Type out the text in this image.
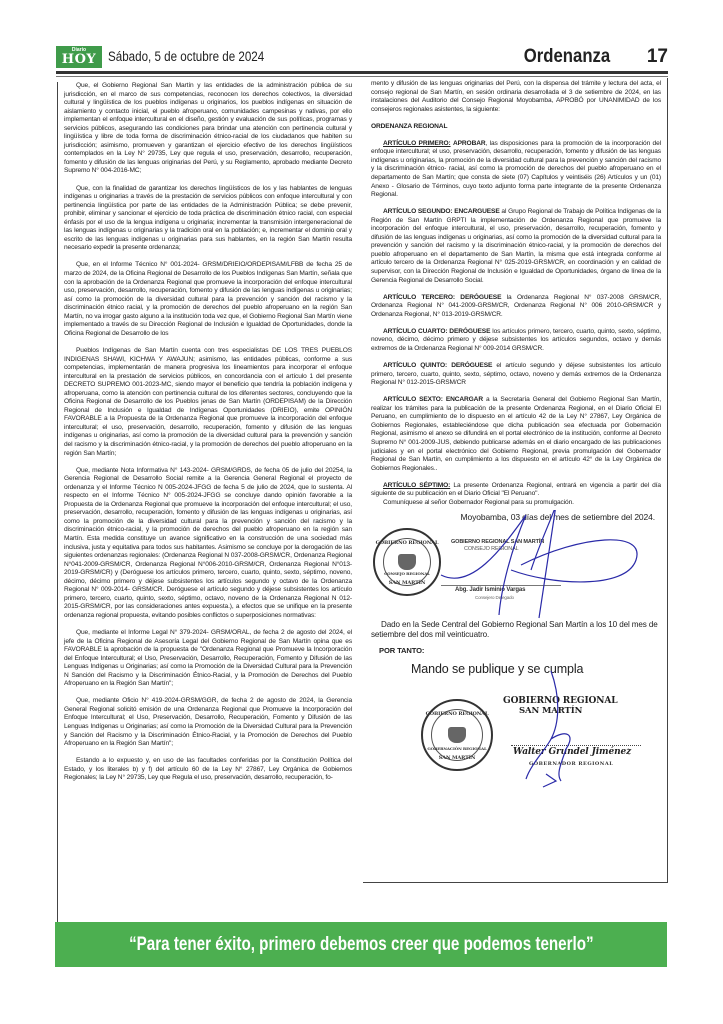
Diario
HOY Sábado, 5 de octubre de 2024	Ordenanza 17

Que, el Gobierno Regional San Martín y las entidades de la administración pública de su jurisdicción, en el marco de sus competencias, reconocen los derechos colectivos, la diversidad cultural y lingüística de los pueblos indígenas u originarios, los pueblos indígenas en situación de aislamiento y contacto inicial, el pueblo afroperuano, comunidades campesinas y nativas, por ello implementan el enfoque intercultural en el diseño, gestión y evaluación de sus políticas, programas y servicios públicos, asegurando las condiciones para brindar una atención con pertinencia cultural y lingüística y libre de toda forma de discriminación étnico-racial de los ciudadanos que habiten su jurisdicción; asimismo, promueven y garantizan el ejercicio efectivo de los derechos lingüísticos contemplados en la Ley N° 29735, Ley que regula el uso, preservación, desarrollo, recuperación, fomento y difusión de las lenguas originarias del Perú, y su Reglamento, aprobado mediante Decreto Supremo N° 004-2016-MC;

Que, con la finalidad de garantizar los derechos lingüísticos de los y las hablantes de lenguas indígenas u originarias a través de la prestación de servicios públicos con enfoque intercultural y con pertinencia lingüística por parte de las entidades de la Administración Pública; se debe prevenir, prohibir, eliminar y sancionar el ejercicio de toda práctica de discriminación étnico racial, con especial énfasis por el uso de la lengua indígena u originaria; incrementar la transmisión intergeneracional de las lenguas indígenas u originarias y la tradición oral en la población; e, incrementar el dominio oral y escrito de las lenguas indígenas u originarias para sus hablantes, en la región San Martín resulta necesario expedir la presente ordenanza;

Que, en el Informe Técnico N° 001-2024- GRSM/DRIEIO/ORDEPISAM/LFBB de fecha 25 de marzo de 2024, de la Oficina Regional de Desarrollo de los Pueblos Indígenas San Martín, señala que con la aprobación de la Ordenanza Regional que promueve la incorporación del enfoque intercultural uso, preservación, desarrollo, recuperación, fomento y difusión de las lenguas indígenas u originarias; así como la promoción de la diversidad cultural para la prevención y sanción del racismo y la discriminación étnico racial, y la promoción de derechos del pueblo afroperuano en la región San Martín, no va irrogar gasto alguno a la institución toda vez que, el Gobierno Regional San Martín viene implementado a través de su Dirección Regional de Inclusión e Igualdad de Oportunidades, donde la Oficina Regional de Desarrollo de los

Pueblos Indígenas de San Martín cuenta con tres especialistas DE LOS TRES PUEBLOS INDIGENAS SHAWI, KICHWA Y AWAJUN; asimismo, las entidades públicas, conforme a sus competencias, implementarán de manera progresiva los lineamientos para incorporar el enfoque intercultural en la prestación de servicios públicos, en concordancia con el artículo 1 del presente DECRETO SUPREMO 001-2023-MC, siendo mayor el beneficio que tendría la población indígena y afroperuana, como la atención con pertinencia cultural de los diferentes sectores, concluyendo que la Oficina Regional de Desarrollo de los Pueblos jenas de San Martín (ORDEPISAM) de la Dirección Regional de Inclusión e Igualdad de Indígenas Oportunidades (DRIEIO), emite OPINIÓN FAVORABLE a la Propuesta de la Ordenanza Regional que promueve la incorporación del enfoque intercultural; el uso, preservación, desarrollo, recuperación, fomento y difusión de las lenguas indígenas u originarias, así como la promoción de la diversidad cultural para la prevención y sanción del racismo y la discriminación étnico-racial, y la promoción de derechos del pueblo afroperuano en la región San Martín;

Que, mediante Nota Informativa N° 143-2024- GRSM/GRDS, de fecha 05 de julio del 20254, la Gerencia Regional de Desarrollo Social remite a la Gerencia General Regional el proyecto de ordenanza y el Informe Técnico N 005-2024-JFGG de fecha 5 de julio de 2024, que lo sustenta. Al respecto en el Informe Técnico N° 005-2024-JFGG se concluye dando opinión favorable a la Propuesta de la Ordenanza Regional que promueve la incorporación del enfoque intercultural; el uso, preservación, desarrollo, recuperación, fomento y difusión de las lenguas indígenas u originarias, así como la promoción de la diversidad cultural para la prevención y sanción del racismo y la discriminación étnico-racial, y la promoción de derechos del pueblo afroperuano en la región san Martín. Esta medida constituye un avance significativo en la construcción de una sociedad más inclusiva, justa y equitativa para todos sus habitantes. Asimismo se concluye por la derogación de las siguientes ordenanzas regionales: (Ordenanza Regional N 037-2008-GRSM/CR, Ordenanza Regional N°041-2009-GRSM/CR, Ordenanza Regional N°006-2010-GRSM/CR, Ordenanza Regional N°013-2019-GRSM/CR) y (Deróguese los artículos primero, tercero, cuarto, quinto, sexto, séptimo, noveno, décimo, décimo primero y déjese subsistentes los artículos segundo y octavo de la Ordenanza Regional N° 009-2014- GRSM/CR. Deróguese el artículo segundo y déjese subsistentes los artículo primero, tercero, cuarto, quinto, sexto, séptimo, octavo, noveno de la Ordenanza Regional N 012- 2015-GRSM/CR, por las consideraciones antes expuesta.), a efectos que se unifique en la presente ordenanza regional propuesta, evitando posibles conflictos o superposiciones normativas:

Que, mediante el Informe Legal N° 379-2024- GRSM/ORAL, de fecha 2 de agosto del 2024, el jefe de la Oficina Regional de Asesoría Legal del Gobierno Regional de San Martín opina que es FAVORABLE la aprobación de la propuesta de "Ordenanza Regional que Promueve la Incorporación del Enfoque Intercultural; el Uso, Preservación, Desarrollo, Recuperación, Fomento y Difusión de las Lenguas Indígenas u Originarias; así como la Promoción de la Diversidad Cultural para la Prevención N Sanción del Racismo y la Discriminación Étnico-Racial, y la Promoción de Derechos del Pueblo Afroperuano en la Región San Martín";

Que, mediante Oficio N° 419-2024-GRSM/GGR, de fecha 2 de agosto de 2024, la Gerencia General Regional solicitó emisión de una Ordenanza Regional que Promueve la Incorporación del Enfoque Intercultural; el Uso, Preservación, Desarrollo, Recuperación, Fomento y Difusión de las Lenguas Indígenas u Originarias; así como la Promoción de la Diversidad Cultural para la Prevención y Sanción del Racismo y la Discriminación Étnico-Racial, y la Promoción de Derechos del Pueblo Afroperuano en la Región San Martín";

Estando a lo expuesto y, en uso de las facultades conferidas por la Constitución Política del Estado, y los literales b) y f) del artículo 60 de la Ley N° 27867, Ley Orgánica de Gobiernos Regionales; la Ley N° 29735, Ley que Regula el uso, preservación, desarrollo, recuperación, fo-

mento y difusión de las lenguas originarias del Perú, con la dispensa del trámite y lectura del acta, el consejo regional de San Martín, en sesión ordinaria desarrollada el 3 de setiembre de 2024, en las instalaciones del Auditorio del Consejo Regional Moyobamba, APROBÓ por UNANIMIDAD de los consejeros regionales asistentes, la siguiente:

ORDENANZA REGIONAL

ARTÍCULO PRIMERO: APROBAR, las disposiciones para la promoción de la incorporación del enfoque intercultural; el uso, preservación, desarrollo, recuperación, fomento y difusión de las lenguas indígenas u originarias, la promoción de la diversidad cultural para la prevención y sanción del racismo y la discriminación étnico- racial, así como la promoción de derechos del pueblo afroperuano en el departamento de San Martín; que consta de siete (07) Capítulos y veintiséis (26) Artículos y un (01) Anexo - Glosario de Términos, cuyo texto adjunto forma parte integrante de la presente Ordenanza Regional.

ARTÍCULO SEGUNDO: ENCARGUESE al Grupo Regional de Trabajo de Política Indígenas de la Región de San Martín GRPTI la implementación de Ordenanza Regional que promueve la incorporación del enfoque intercultural, el uso, preservación, desarrollo, recuperación, fomento y difusión de las lenguas indígenas u originarias, así como la promoción de la diversidad cultural para la prevención y sanción del racismo y la discriminación étnico-racial, y la promoción de derechos del pueblo afroperuano en el departamento de San Martín, la misma que está integrada conforme al artículo tercero de la Ordenanza Regional N° 025-2019-GRSM/CR, en coordinación y en calidad de supervisor, con la Dirección Regional de Inclusión e Igualdad de Oportunidades, órgano de línea de la Gerencia Regional de Desarrollo Social.

ARTÍCULO TERCERO: DERÓGUESE la Ordenanza Regional N° 037-2008 GRSM/CR, Ordenanza Regional N° 041-2009-GRSM/CR, Ordenanza Regional N° 006 2010-GRSM/CR y Ordenanza Regional, N° 013-2019-GRSM/CR.

ARTÍCULO CUARTO: DERÓGUESE los artículos primero, tercero, cuarto, quinto, sexto, séptimo, noveno, décimo, décimo primero y déjese subsistentes los artículos segundos, octavo y demás extremos de la Ordenanza Regional N° 009-2014 GRSM/CR.

ARTÍCULO QUINTO: DERÓGUESE el artículo segundo y déjese subsistentes los artículo primero, tercero, cuarto, quinto, sexto, séptimo, octavo, noveno y demás extremos de la Ordenanza Regional N° 012-2015-GRSM/CR

ARTÍCULO SEXTO: ENCARGAR a la Secretaría General del Gobierno Regional San Martín, realizar los trámites para la publicación de la presente Ordenanza Regional, en el Diario Oficial El Peruano, en cumplimiento de lo dispuesto en el artículo 42 de la Ley N° 27867, Ley Orgánica de Gobiernos Regionales, estableciéndose que dicha publicación sea efectuada por Gobernación Regional, asimismo el anexo se difundirá en el portal electrónico de la institución, conforme al Decreto Supremo N° 001-2009-JUS, debiendo publicarse además en el diario encargado de las publicaciones judiciales y en el portal electrónico del Gobierno Regional, previa promulgación del Gobernador Regional de San Martín, en cumplimiento a los dispuesto en el artículo 42° de la Ley Orgánica de Gobiernos Regionales..

ARTÍCULO SÉPTIMO: La presente Ordenanza Regional, entrará en vigencia a partir del día siguiente de su publicación en el Diario Oficial "El Peruano".

Comuníquese al señor Gobernador Regional para su promulgación.

Moyobamba, 03 días del mes de setiembre del 2024.
GOBIERNO REGIONAL
CONSEJO REGIONAL
SAN MARTÍN
GOBIERNO REGIONAL SAN MARTÍN
CONSEJO REGIONAL
Abg. Jadir Isminio Vargas
Consejero Delegado
Dado en la Sede Central del Gobierno Regional San Martín a los 10 del mes de setiembre del dos mil veinticuatro.
POR TANTO:
Mando se publique y se cumpla
GOBIERNO REGIONAL
GOBERNACIÓN REGIONAL
SAN MARTÍN
GOBIERNO REGIONAL
SAN MARTÍN
Walter Grundel Jiménez
GOBERNADOR REGIONAL
“Para tener éxito, primero debemos creer que podemos tenerlo”
